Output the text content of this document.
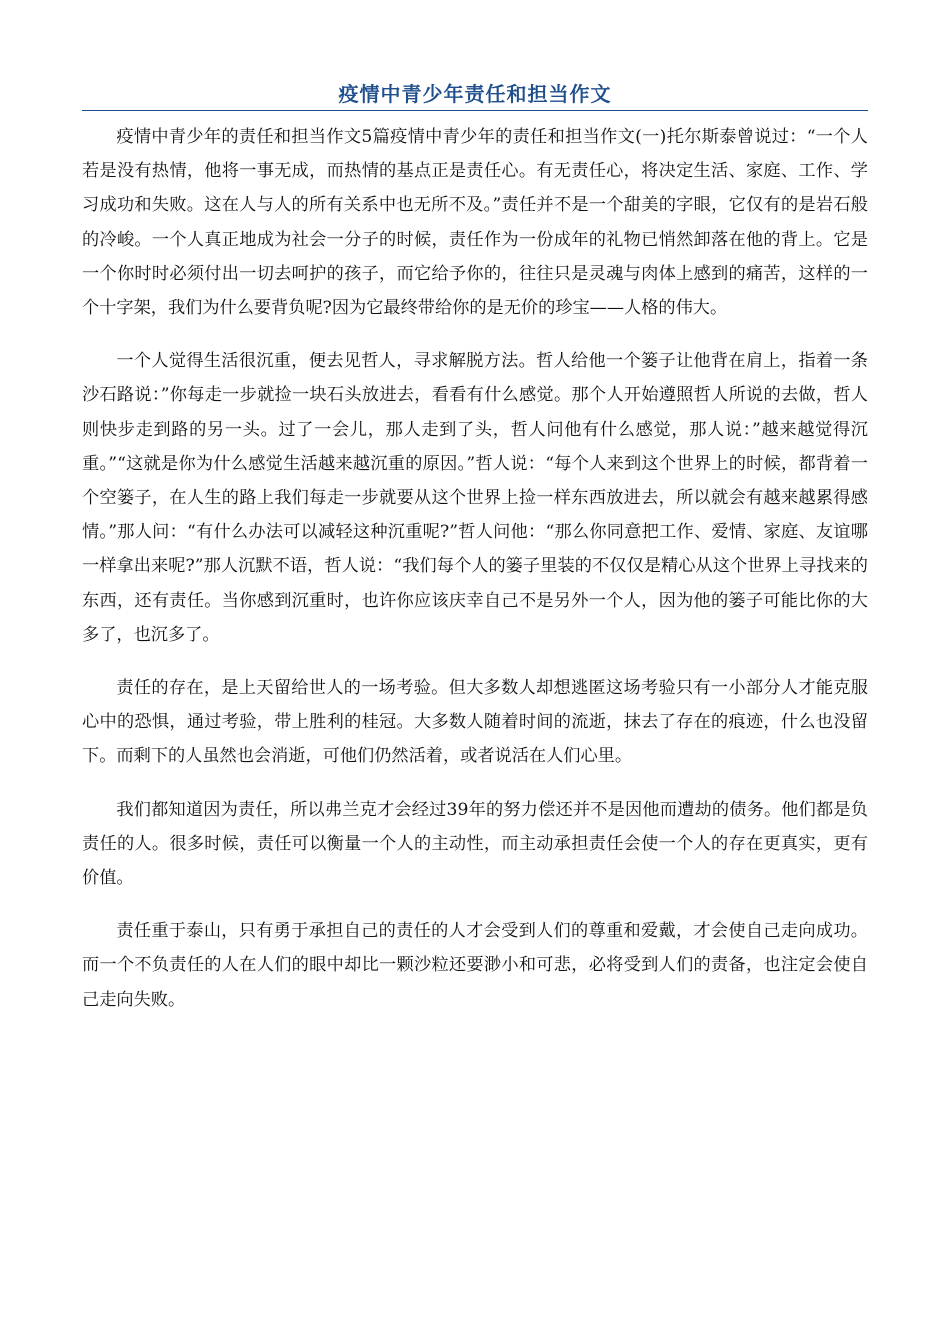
疫情中青少年责任和担当作文

疫情中青少年的责任和担当作文5篇疫情中青少年的责任和担当作文(一)托尔斯泰曾说过：“一个人若是没有热情，他将一事无成，而热情的基点正是责任心。有无责任心，将决定生活、家庭、工作、学习成功和失败。这在人与人的所有关系中也无所不及。”责任并不是一个甜美的字眼，它仅有的是岩石般的冷峻。一个人真正地成为社会一分子的时候，责任作为一份成年的礼物已悄然卸落在他的背上。它是一个你时时必须付出一切去呵护的孩子，而它给予你的，往往只是灵魂与肉体上感到的痛苦，这样的一个十字架，我们为什么要背负呢?因为它最终带给你的是无价的珍宝——人格的伟大。

一个人觉得生活很沉重，便去见哲人，寻求解脱方法。哲人给他一个篓子让他背在肩上，指着一条沙石路说：”你每走一步就捡一块石头放进去，看看有什么感觉。那个人开始遵照哲人所说的去做，哲人则快步走到路的另一头。过了一会儿，那人走到了头，哲人问他有什么感觉，那人说：”越来越觉得沉重。”“这就是你为什么感觉生活越来越沉重的原因。”哲人说：“每个人来到这个世界上的时候，都背着一个空篓子，在人生的路上我们每走一步就要从这个世界上捡一样东西放进去，所以就会有越来越累得感情。”那人问：“有什么办法可以减轻这种沉重呢?”哲人问他：“那么你同意把工作、爱情、家庭、友谊哪一样拿出来呢?”那人沉默不语，哲人说：“我们每个人的篓子里装的不仅仅是精心从这个世界上寻找来的东西，还有责任。当你感到沉重时，也许你应该庆幸自己不是另外一个人，因为他的篓子可能比你的大多了，也沉多了。

责任的存在，是上天留给世人的一场考验。但大多数人却想逃匿这场考验只有一小部分人才能克服心中的恐惧，通过考验，带上胜利的桂冠。大多数人随着时间的流逝，抹去了存在的痕迹，什么也没留下。而剩下的人虽然也会消逝，可他们仍然活着，或者说活在人们心里。

我们都知道因为责任，所以弗兰克才会经过39年的努力偿还并不是因他而遭劫的债务。他们都是负责任的人。很多时候，责任可以衡量一个人的主动性，而主动承担责任会使一个人的存在更真实，更有价值。

责任重于泰山，只有勇于承担自己的责任的人才会受到人们的尊重和爱戴，才会使自己走向成功。而一个不负责任的人在人们的眼中却比一颗沙粒还要渺小和可悲，必将受到人们的责备，也注定会使自己走向失败。
